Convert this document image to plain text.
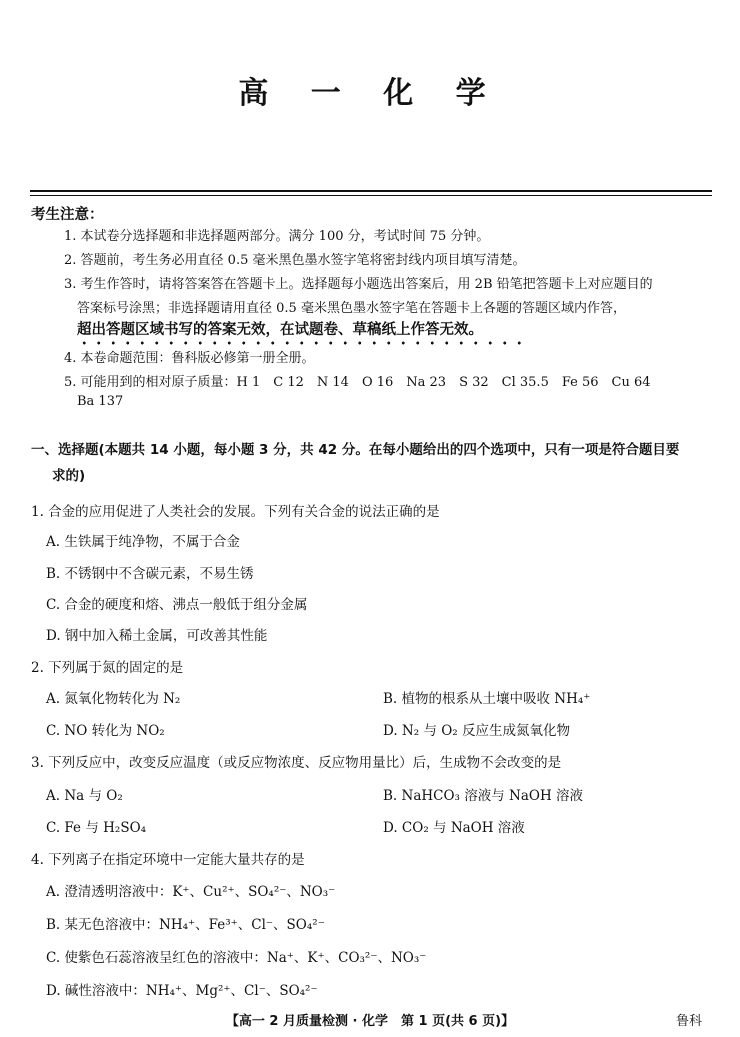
高 一 化 学
考生注意：
1. 本试卷分选择题和非选择题两部分。满分 100 分，考试时间 75 分钟。
2. 答题前，考生务必用直径 0.5 毫米黑色墨水签字笔将密封线内项目填写清楚。
3. 考生作答时，请将答案答在答题卡上。选择题每小题选出答案后，用 2B 铅笔把答题卡上对应题目的
答案标号涂黑；非选择题请用直径 0.5 毫米黑色墨水签字笔在答题卡上各题的答题区域内作答，
超出答题区域书写的答案无效，在试题卷、草稿纸上作答无效。
4. 本卷命题范围：鲁科版必修第一册全册。
5. 可能用到的相对原子质量：H 1　C 12　N 14　O 16　Na 23　S 32　Cl 35.5　Fe 56　Cu 64
Ba 137
一、选择题(本题共 14 小题，每小题 3 分，共 42 分。在每小题给出的四个选项中，只有一项是符合题目要
求的)
1. 合金的应用促进了人类社会的发展。下列有关合金的说法正确的是
A. 生铁属于纯净物，不属于合金
B. 不锈钢中不含碳元素，不易生锈
C. 合金的硬度和熔、沸点一般低于组分金属
D. 钢中加入稀土金属，可改善其性能
2. 下列属于氮的固定的是
A. 氮氧化物转化为 N₂	B. 植物的根系从土壤中吸收 NH₄⁺
C. NO 转化为 NO₂	D. N₂ 与 O₂ 反应生成氮氧化物
3. 下列反应中，改变反应温度（或反应物浓度、反应物用量比）后，生成物不会改变的是
A. Na 与 O₂	B. NaHCO₃ 溶液与 NaOH 溶液
C. Fe 与 H₂SO₄	D. CO₂ 与 NaOH 溶液
4. 下列离子在指定环境中一定能大量共存的是
A. 澄清透明溶液中：K⁺、Cu²⁺、SO₄²⁻、NO₃⁻
B. 某无色溶液中：NH₄⁺、Fe³⁺、Cl⁻、SO₄²⁻
C. 使紫色石蕊溶液呈红色的溶液中：Na⁺、K⁺、CO₃²⁻、NO₃⁻
D. 碱性溶液中：NH₄⁺、Mg²⁺、Cl⁻、SO₄²⁻
【高一 2 月质量检测 · 化学　第 1 页(共 6 页)】	鲁科
